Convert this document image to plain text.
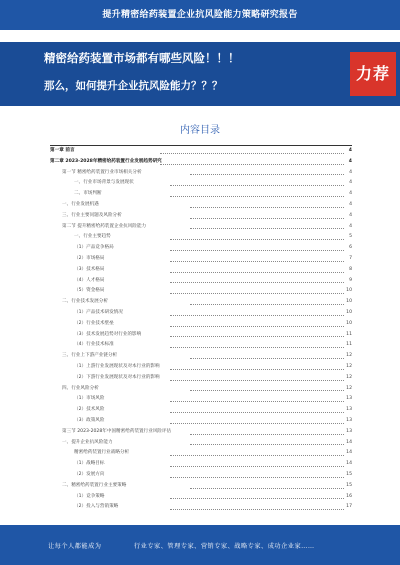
提升精密给药装置企业抗风险能力策略研究报告
精密给药装置市场都有哪些风险！！！
那么，如何提升企业抗风险能力？？？
力荐
内容目录
第一章 前言	4
第二章 2023-2028年精密给药装置行业发展趋势研究	4
第一节 精密给药装置行业市场相关分析	4
一、行业市场背景与发展现状	4
二、市场判断	4
一、行业发展机遇	4
三、行业主要问题及风险分析	4
第二节 提升精密给药装置企业抗风险能力	4
一、行业主要趋势	5
（1）产品竞争格局	6
（2）市场格局	7
（3）技术格局	8
（4）人才格局	9
（5）资金格局	10
二、行业技术发展分析	10
（1）产品技术研发情况	10
（2）行业技术壁垒	10
（3）技术发展趋势对行业的影响	11
（4）行业技术标准	11
三、行业上下游产业链分析	12
（1）上游行业发展现状及对本行业的影响	12
（2）下游行业发展现状及对本行业的影响	12
四、行业风险分析	12
（1）市场风险	13
（2）技术风险	13
（3）政策风险	13
第三节 2023-2028年中国精密给药装置行业风险评估	13
一、提升企业抗风险能力	14
精密给药装置行业战略分析	14
（1）战略目标	14
（2）发展方向	15
二、精密给药装置行业主要策略	15
（1）竞争策略	16
（2）投入与营销策略	17
让每个人都能成为	行业专家、管理专家、营销专家、战略专家、成功企业家……
